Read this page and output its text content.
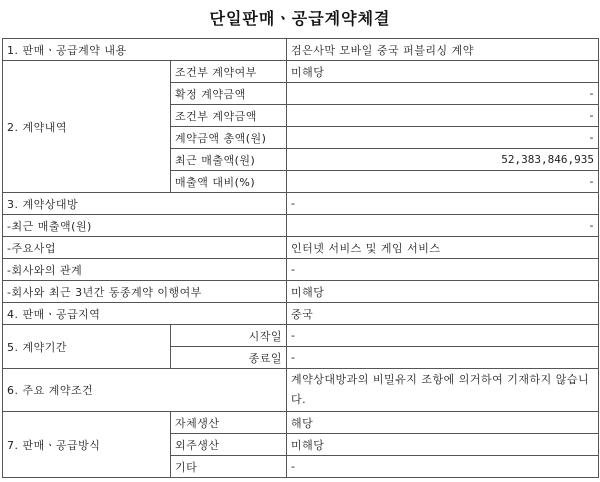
단일판매ㆍ공급계약체결
1. 판매ㆍ공급계약 내용		검은사막 모바일 중국 퍼블리싱 계약
2. 계약내역	조건부 계약여부	미해당
	확정 계약금액	-
	조건부 계약금액	-
	계약금액 총액(원)	-
	최근 매출액(원)	52,383,846,935
	매출액 대비(%)	-
3. 계약상대방		-
-최근 매출액(원)		-
-주요사업		인터넷 서비스 및 게임 서비스
-회사와의 관계		-
-회사와 최근 3년간 동종계약 이행여부		미해당
4. 판매ㆍ공급지역		중국
5. 계약기간	시작일	-
	종료일	-
6. 주요 계약조건		계약상대방과의 비밀유지 조항에 의거하여 기재하지 않습니다.
7. 판매ㆍ공급방식	자체생산	해당
	외주생산	미해당
	기타	-
